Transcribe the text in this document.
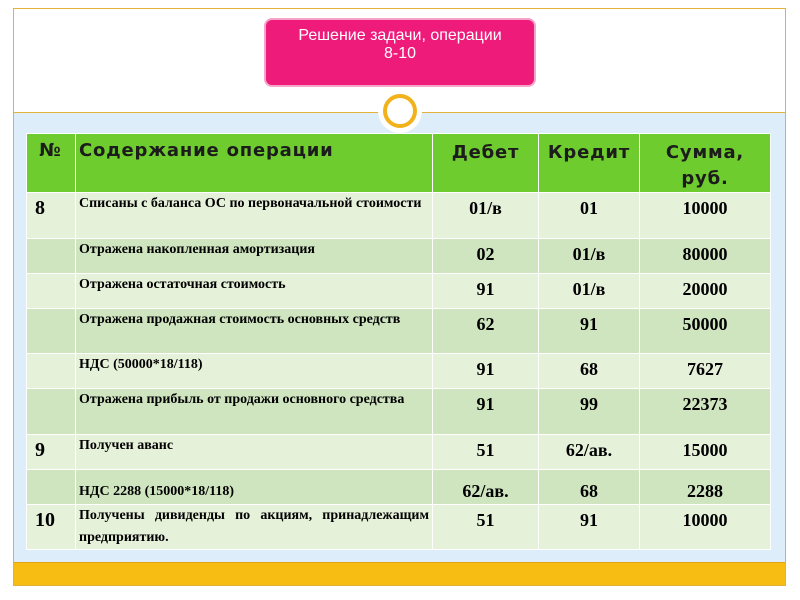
Решение задачи, операции
8-10
№	Содержание операции	Дебет	Кредит	Сумма, руб.
8	Списаны с баланса ОС по первоначальной стоимости	01/в	01	10000
	Отражена накопленная амортизация	02	01/в	80000
	Отражена остаточная стоимость	91	01/в	20000
	Отражена продажная стоимость основных средств	62	91	50000
	НДС (50000*18/118)	91	68	7627
	Отражена прибыль от продажи основного средства	91	99	22373
9	Получен аванс	51	62/ав.	15000
	НДС 2288 (15000*18/118)	62/ав.	68	2288
10	Получены дивиденды по акциям, принадлежащим предприятию.	51	91	10000
